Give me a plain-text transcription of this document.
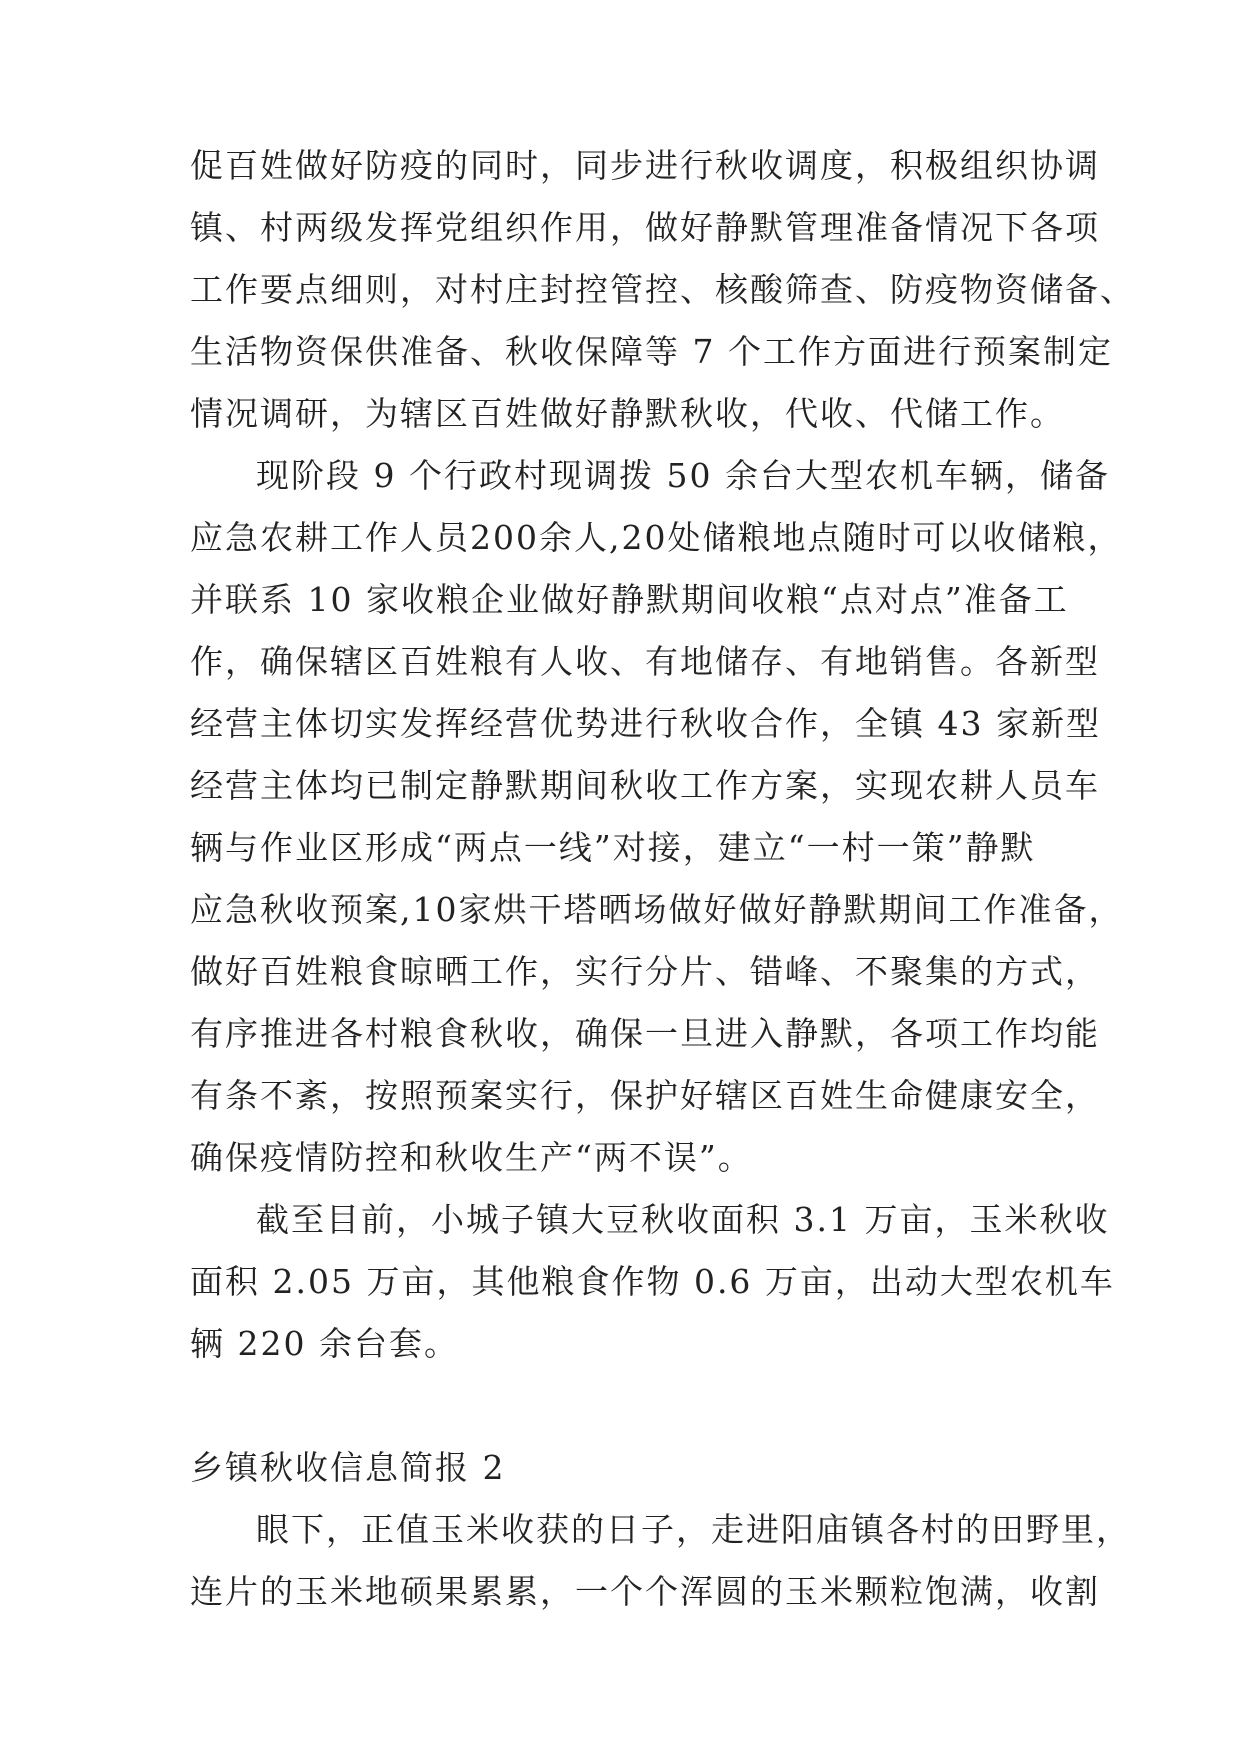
促百姓做好防疫的同时，同步进行秋收调度，积极组织协调
镇、村两级发挥党组织作用，做好静默管理准备情况下各项
工作要点细则，对村庄封控管控、核酸筛查、防疫物资储备、
生活物资保供准备、秋收保障等 7 个工作方面进行预案制定
情况调研，为辖区百姓做好静默秋收，代收、代储工作。
现阶段 9 个行政村现调拨 50 余台大型农机车辆，储备
应急农耕工作人员200余人,20处储粮地点随时可以收储粮，
并联系 10 家收粮企业做好静默期间收粮“点对点”准备工
作，确保辖区百姓粮有人收、有地储存、有地销售。各新型
经营主体切实发挥经营优势进行秋收合作，全镇 43 家新型
经营主体均已制定静默期间秋收工作方案，实现农耕人员车
辆与作业区形成“两点一线”对接，建立“一村一策”静默
应急秋收预案,10家烘干塔晒场做好做好静默期间工作准备，
做好百姓粮食晾晒工作，实行分片、错峰、不聚集的方式，
有序推进各村粮食秋收，确保一旦进入静默，各项工作均能
有条不紊，按照预案实行，保护好辖区百姓生命健康安全，
确保疫情防控和秋收生产“两不误”。
截至目前，小城子镇大豆秋收面积 3.1 万亩，玉米秋收
面积 2.05 万亩，其他粮食作物 0.6 万亩，出动大型农机车
辆 220 余台套。
乡镇秋收信息简报 2
眼下，正值玉米收获的日子，走进阳庙镇各村的田野里，
连片的玉米地硕果累累，一个个浑圆的玉米颗粒饱满，收割
